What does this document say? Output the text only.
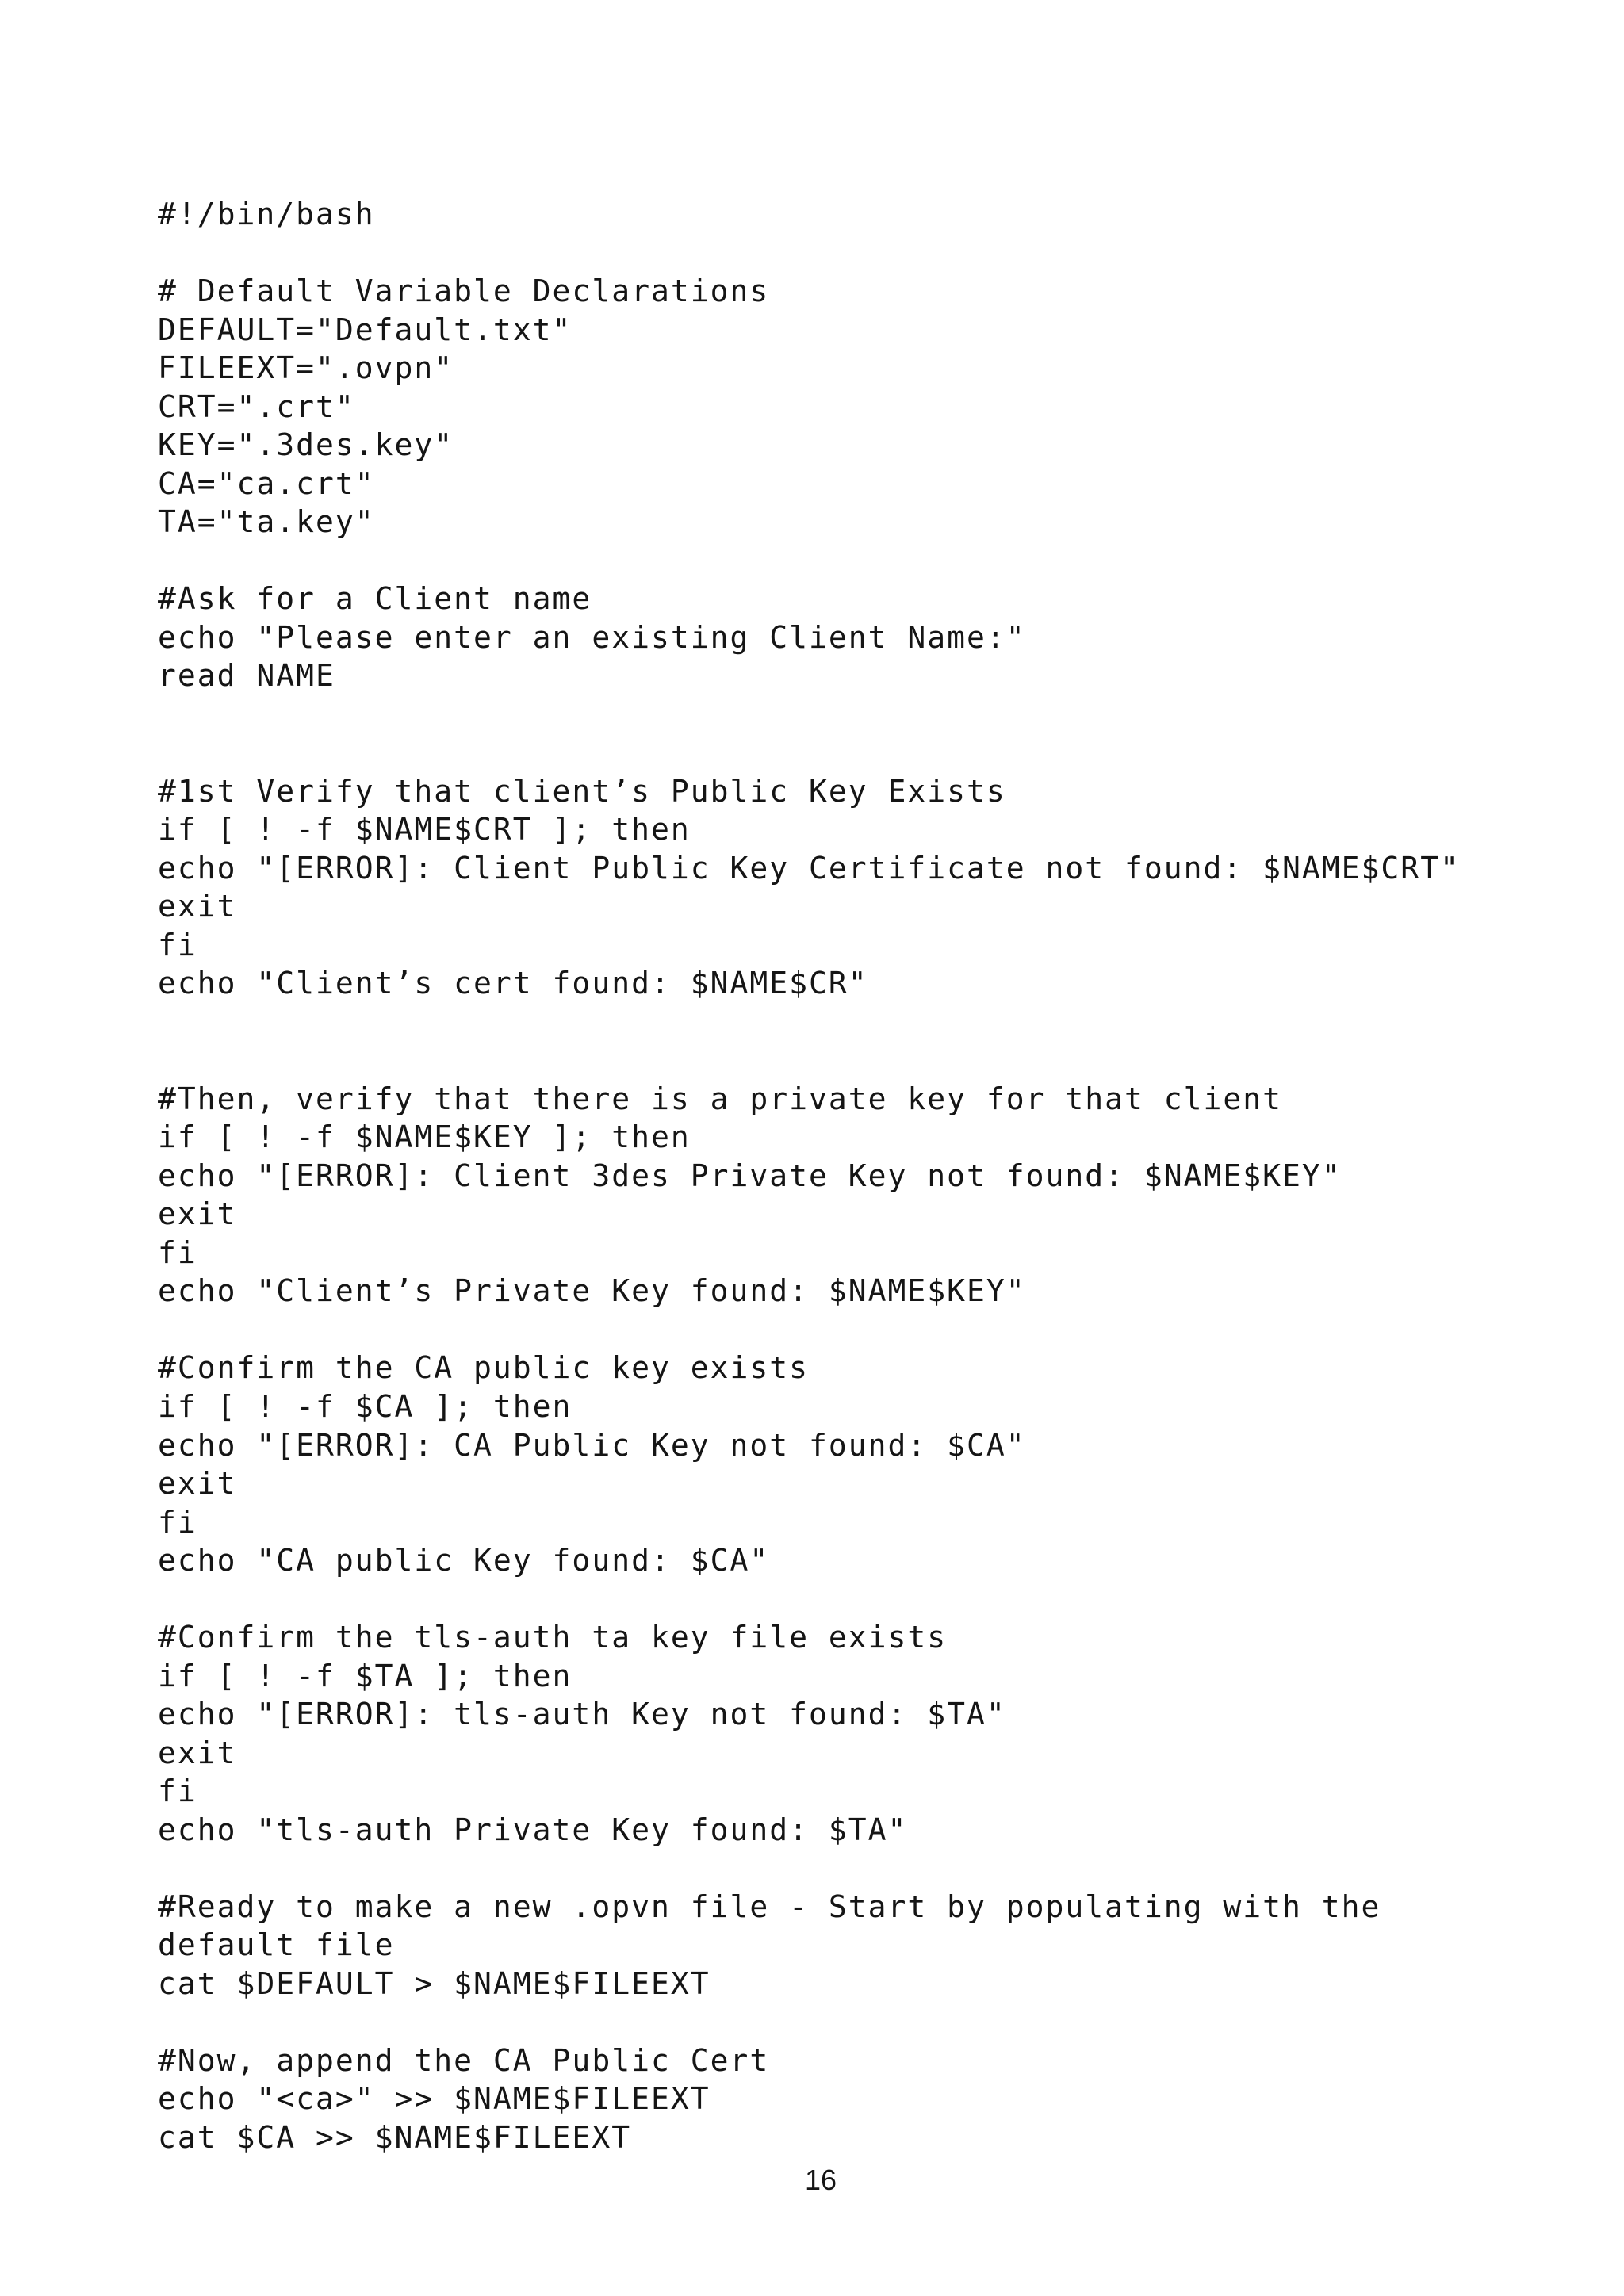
#!/bin/bash
# Default Variable Declarations
DEFAULT="Default.txt"
FILEEXT=".ovpn"
CRT=".crt"
KEY=".3des.key"
CA="ca.crt"
TA="ta.key"
#Ask for a Client name
echo "Please enter an existing Client Name:"
read NAME
#1st Verify that client’s Public Key Exists
if [ ! -f $NAME$CRT ]; then
echo "[ERROR]: Client Public Key Certificate not found: $NAME$CRT"
exit
fi
echo "Client’s cert found: $NAME$CR"
#Then, verify that there is a private key for that client
if [ ! -f $NAME$KEY ]; then
echo "[ERROR]: Client 3des Private Key not found: $NAME$KEY"
exit
fi
echo "Client’s Private Key found: $NAME$KEY"
#Confirm the CA public key exists
if [ ! -f $CA ]; then
echo "[ERROR]: CA Public Key not found: $CA"
exit
fi
echo "CA public Key found: $CA"
#Confirm the tls-auth ta key file exists
if [ ! -f $TA ]; then
echo "[ERROR]: tls-auth Key not found: $TA"
exit
fi
echo "tls-auth Private Key found: $TA"
#Ready to make a new .opvn file - Start by populating with the
default file
cat $DEFAULT > $NAME$FILEEXT
#Now, append the CA Public Cert
echo "<ca>" >> $NAME$FILEEXT
cat $CA >> $NAME$FILEEXT
16
